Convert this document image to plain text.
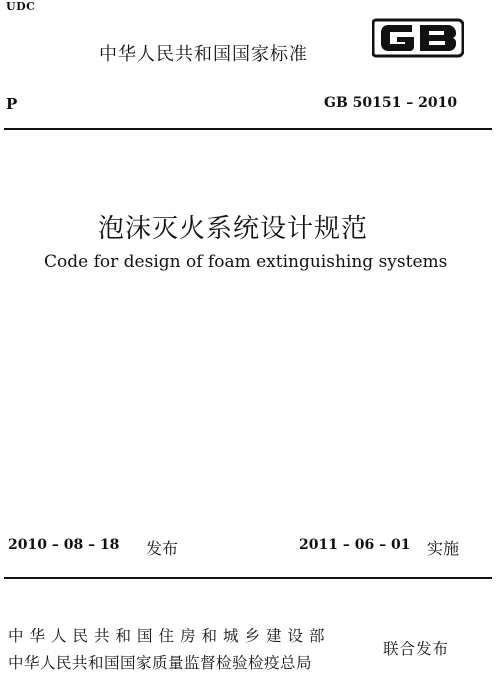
UDC
中华人民共和国国家标准
P	GB 50151 – 2010
泡沫灭火系统设计规范
Code for design of foam extinguishing systems
2010 – 08 – 18 发布	2011 – 06 – 01 实施
中华人民共和国住房和城乡建设部
中华人民共和国国家质量监督检验检疫总局
联合发布
